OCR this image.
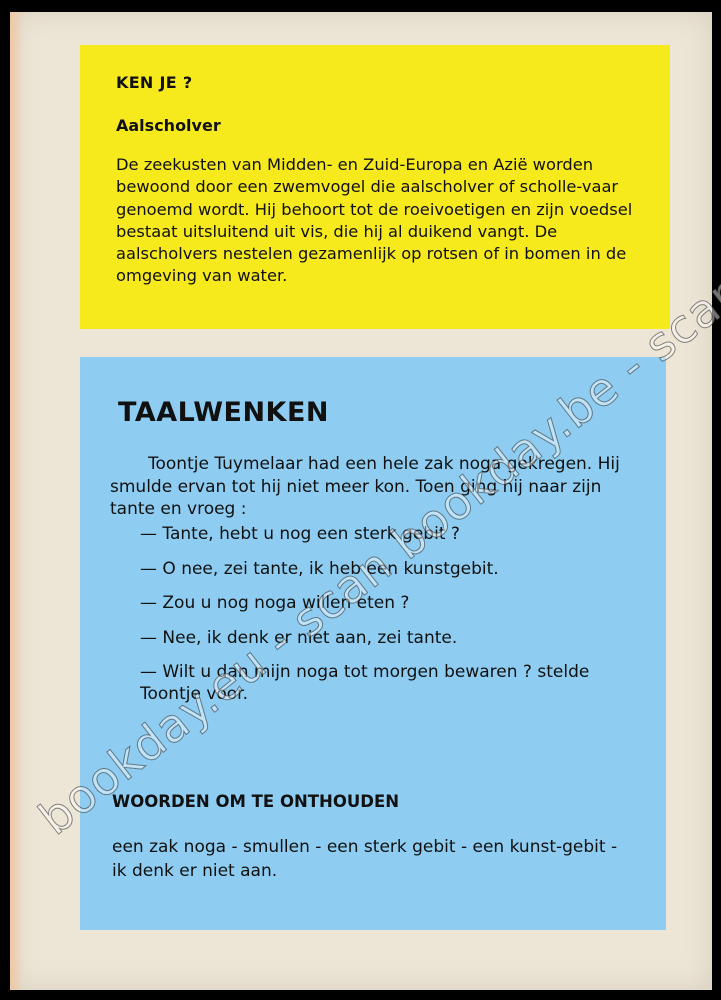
KEN JE ?

Aalscholver

De zeekusten van Midden- en Zuid-Europa en Azië worden bewoond door een zwemvogel die aalscholver of scholle-vaar genoemd wordt. Hij behoort tot de roeivoetigen en zijn voedsel bestaat uitsluitend uit vis, die hij al duikend vangt. De aalscholvers nestelen gezamenlijk op rotsen of in bomen in de omgeving van water.

TAALWENKEN

Toontje Tuymelaar had een hele zak noga gekregen. Hij smulde ervan tot hij niet meer kon. Toen ging hij naar zijn tante en vroeg :

— Tante, hebt u nog een sterk gebit ?
— O nee, zei tante, ik heb een kunstgebit.
— Zou u nog noga willen eten ?
— Nee, ik denk er niet aan, zei tante.
— Wilt u dan mijn noga tot morgen bewaren ? stelde Toontje voor.

WOORDEN OM TE ONTHOUDEN

een zak noga - smullen - een sterk gebit - een kunst-gebit - ik denk er niet aan.

bookday.eu - scan bookday.be - scan
